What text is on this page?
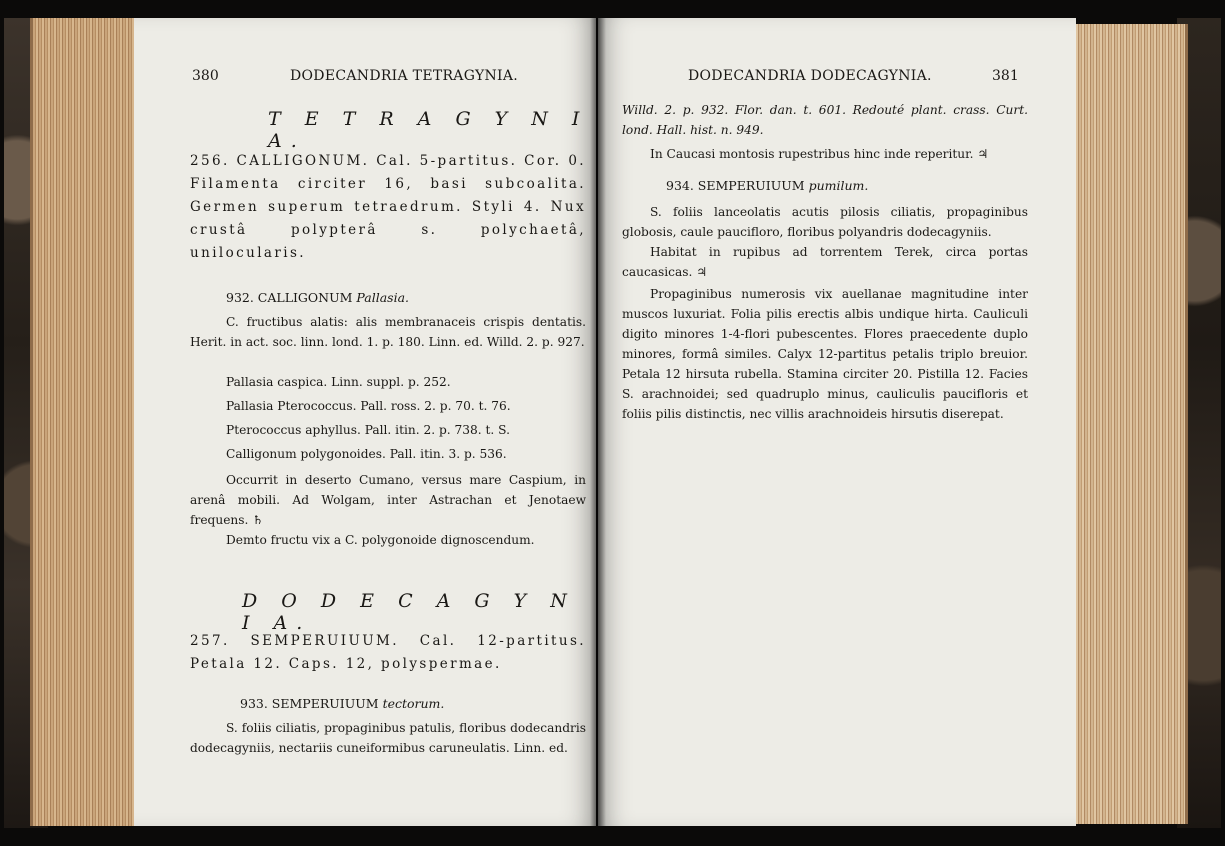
380	DODECANDRIA TETRAGYNIA.
T E T R A G Y N I A.
256. CALLIGONUM. Cal. 5-partitus. Cor. 0. Filamenta circiter 16, basi subcoalita. Germen superum tetraedrum. Styli 4. Nux crustâ polypterâ s. polychaetâ, unilocularis.
932. CALLIGONUM Pallasia.
C. fructibus alatis: alis membranaceis crispis dentatis. Herit. in act. soc. linn. lond. 1. p. 180. Linn. ed. Willd. 2. p. 927.
Pallasia caspica. Linn. suppl. p. 252.
Pallasia Pterococcus. Pall. ross. 2. p. 70. t. 76.
Pterococcus aphyllus. Pall. itin. 2. p. 738. t. S.
Calligonum polygonoides. Pall. itin. 3. p. 536.
Occurrit in deserto Cumano, versus mare Caspium, in arenâ mobili. Ad Wolgam, inter Astrachan et Jenotaew frequens. ♄
Demto fructu vix a C. polygonoide dignoscendum.
D O D E C A G Y N I A.
257. SEMPERUIUUM. Cal. 12-partitus. Petala 12. Caps. 12, polyspermae.
933. SEMPERUIUUM tectorum.
S. foliis ciliatis, propaginibus patulis, floribus dodecandris dodecagyniis, nectariis cuneiformibus caruneulatis. Linn. ed.
DODECANDRIA DODECAGYNIA.	381
Willd. 2. p. 932. Flor. dan. t. 601. Redouté plant. crass. Curt. lond. Hall. hist. n. 949.
In Caucasi montosis rupestribus hinc inde reperitur. ♃
934. SEMPERUIUUM pumilum.
S. foliis lanceolatis acutis pilosis ciliatis, propaginibus globosis, caule paucifloro, floribus polyandris dodecagyniis.
Habitat in rupibus ad torrentem Terek, circa portas caucasicas. ♃
Propaginibus numerosis vix auellanae magnitudine inter muscos luxuriat. Folia pilis erectis albis undique hirta. Cauliculi digito minores 1-4-flori pubescentes. Flores praecedente duplo minores, formâ similes. Calyx 12-partitus petalis triplo breuior. Petala 12 hirsuta rubella. Stamina circiter 20. Pistilla 12. Facies S. arachnoidei; sed quadruplo minus, cauliculis paucifloris et foliis pilis distinctis, nec villis arachnoideis hirsutis diserepat.
